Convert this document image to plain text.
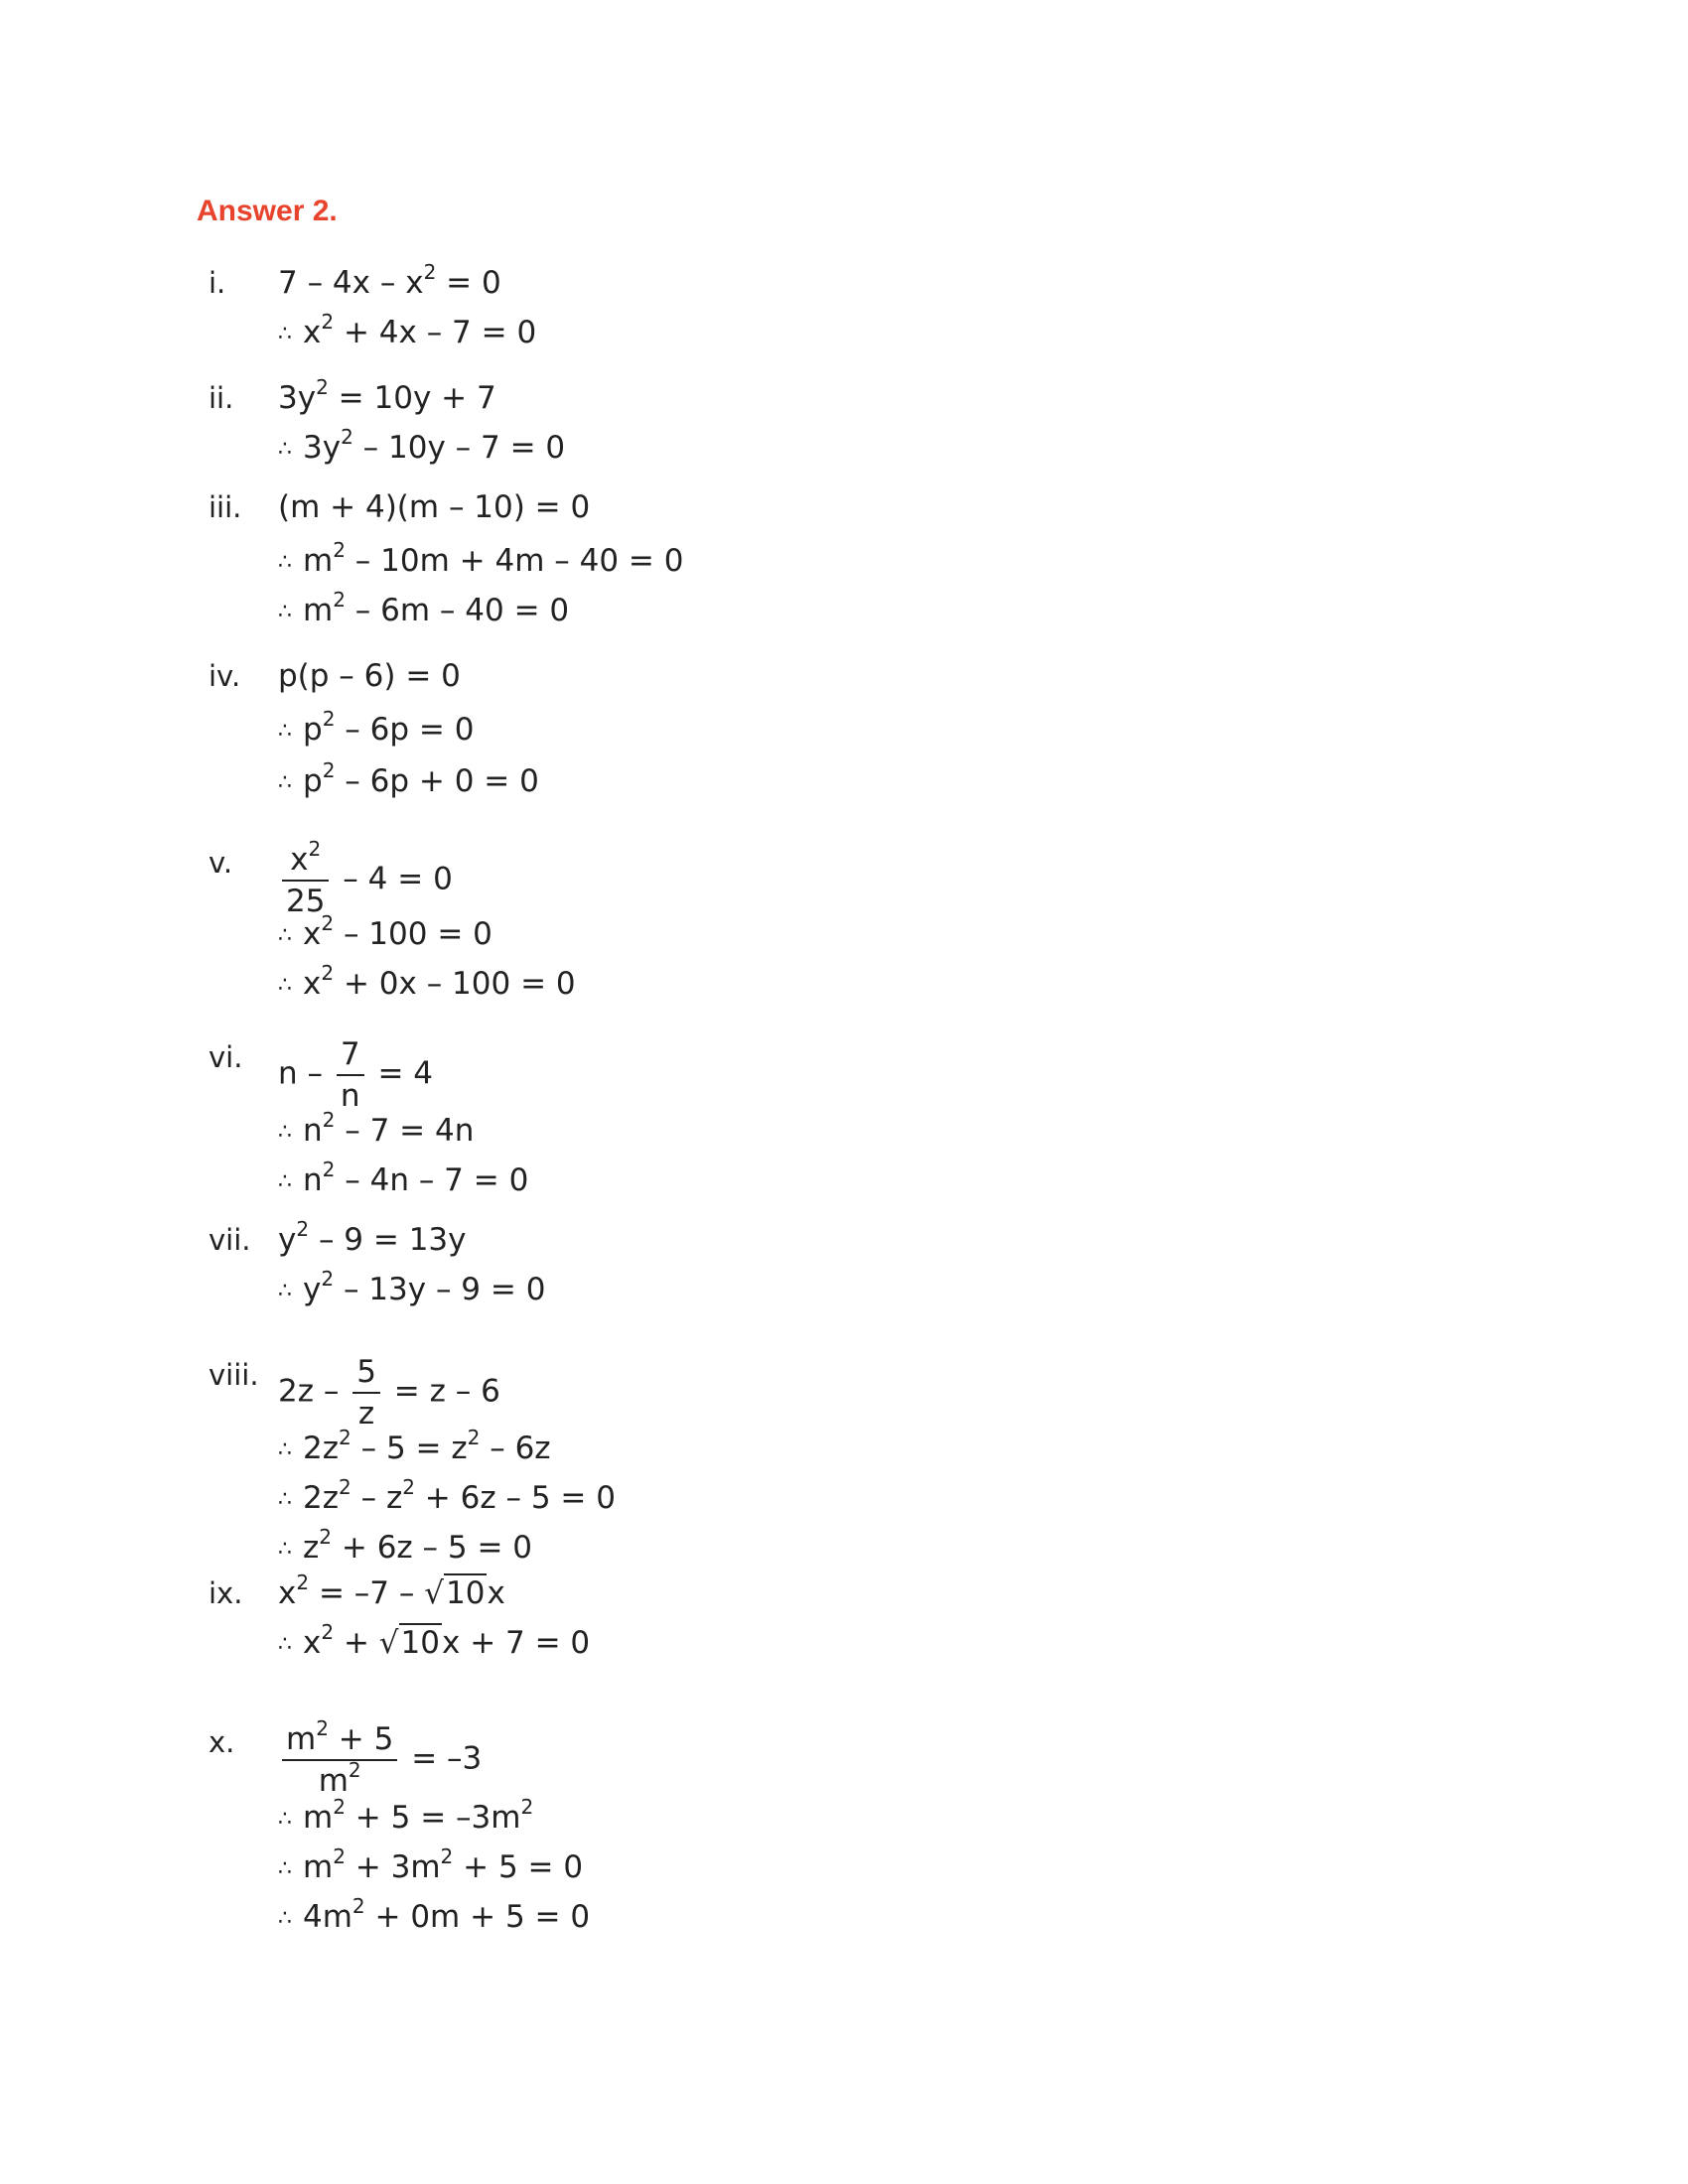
Answer 2.
i.	$7 - 4x - x^2 = 0$
∴ $x^2 + 4x - 7 = 0$
ii.	$3y^2 = 10y + 7$
∴ $3y^2 - 10y - 7 = 0$
iii.	(m + 4)(m – 10) = 0
∴ $m^2 - 10m + 4m - 40 = 0$
∴ $m^2 - 6m - 40 = 0$
iv.	p(p – 6) = 0
∴ $p^2 - 6p = 0$
∴ $p^2 - 6p + 0 = 0$
v.	$\frac{x^2}{25} - 4 = 0$
∴ $x^2 - 100 = 0$
∴ $x^2 + 0x - 100 = 0$
vi.	$n - \frac{7}{n} = 4$
∴ $n^2 - 7 = 4n$
∴ $n^2 - 4n - 7 = 0$
vii. $y^2 - 9 = 13y$
∴ $y^2 - 13y - 9 = 0$
viii. $2z - \frac{5}{z} = z - 6$
∴ $2z^2 - 5 = z^2 - 6z$
∴ $2z^2 - z^2 + 6z - 5 = 0$
∴ $z^2 + 6z - 5 = 0$
ix.	$x^2 = -7 - √10x$
∴ $x^2 + √10x + 7 = 0$
x.	$\frac{m^2 + 5}{m^2} = -3$
∴ $m^2 + 5 = -3m^2$
∴ $m^2 + 3m^2 + 5 = 0$
∴ $4m^2 + 0m + 5 = 0$
